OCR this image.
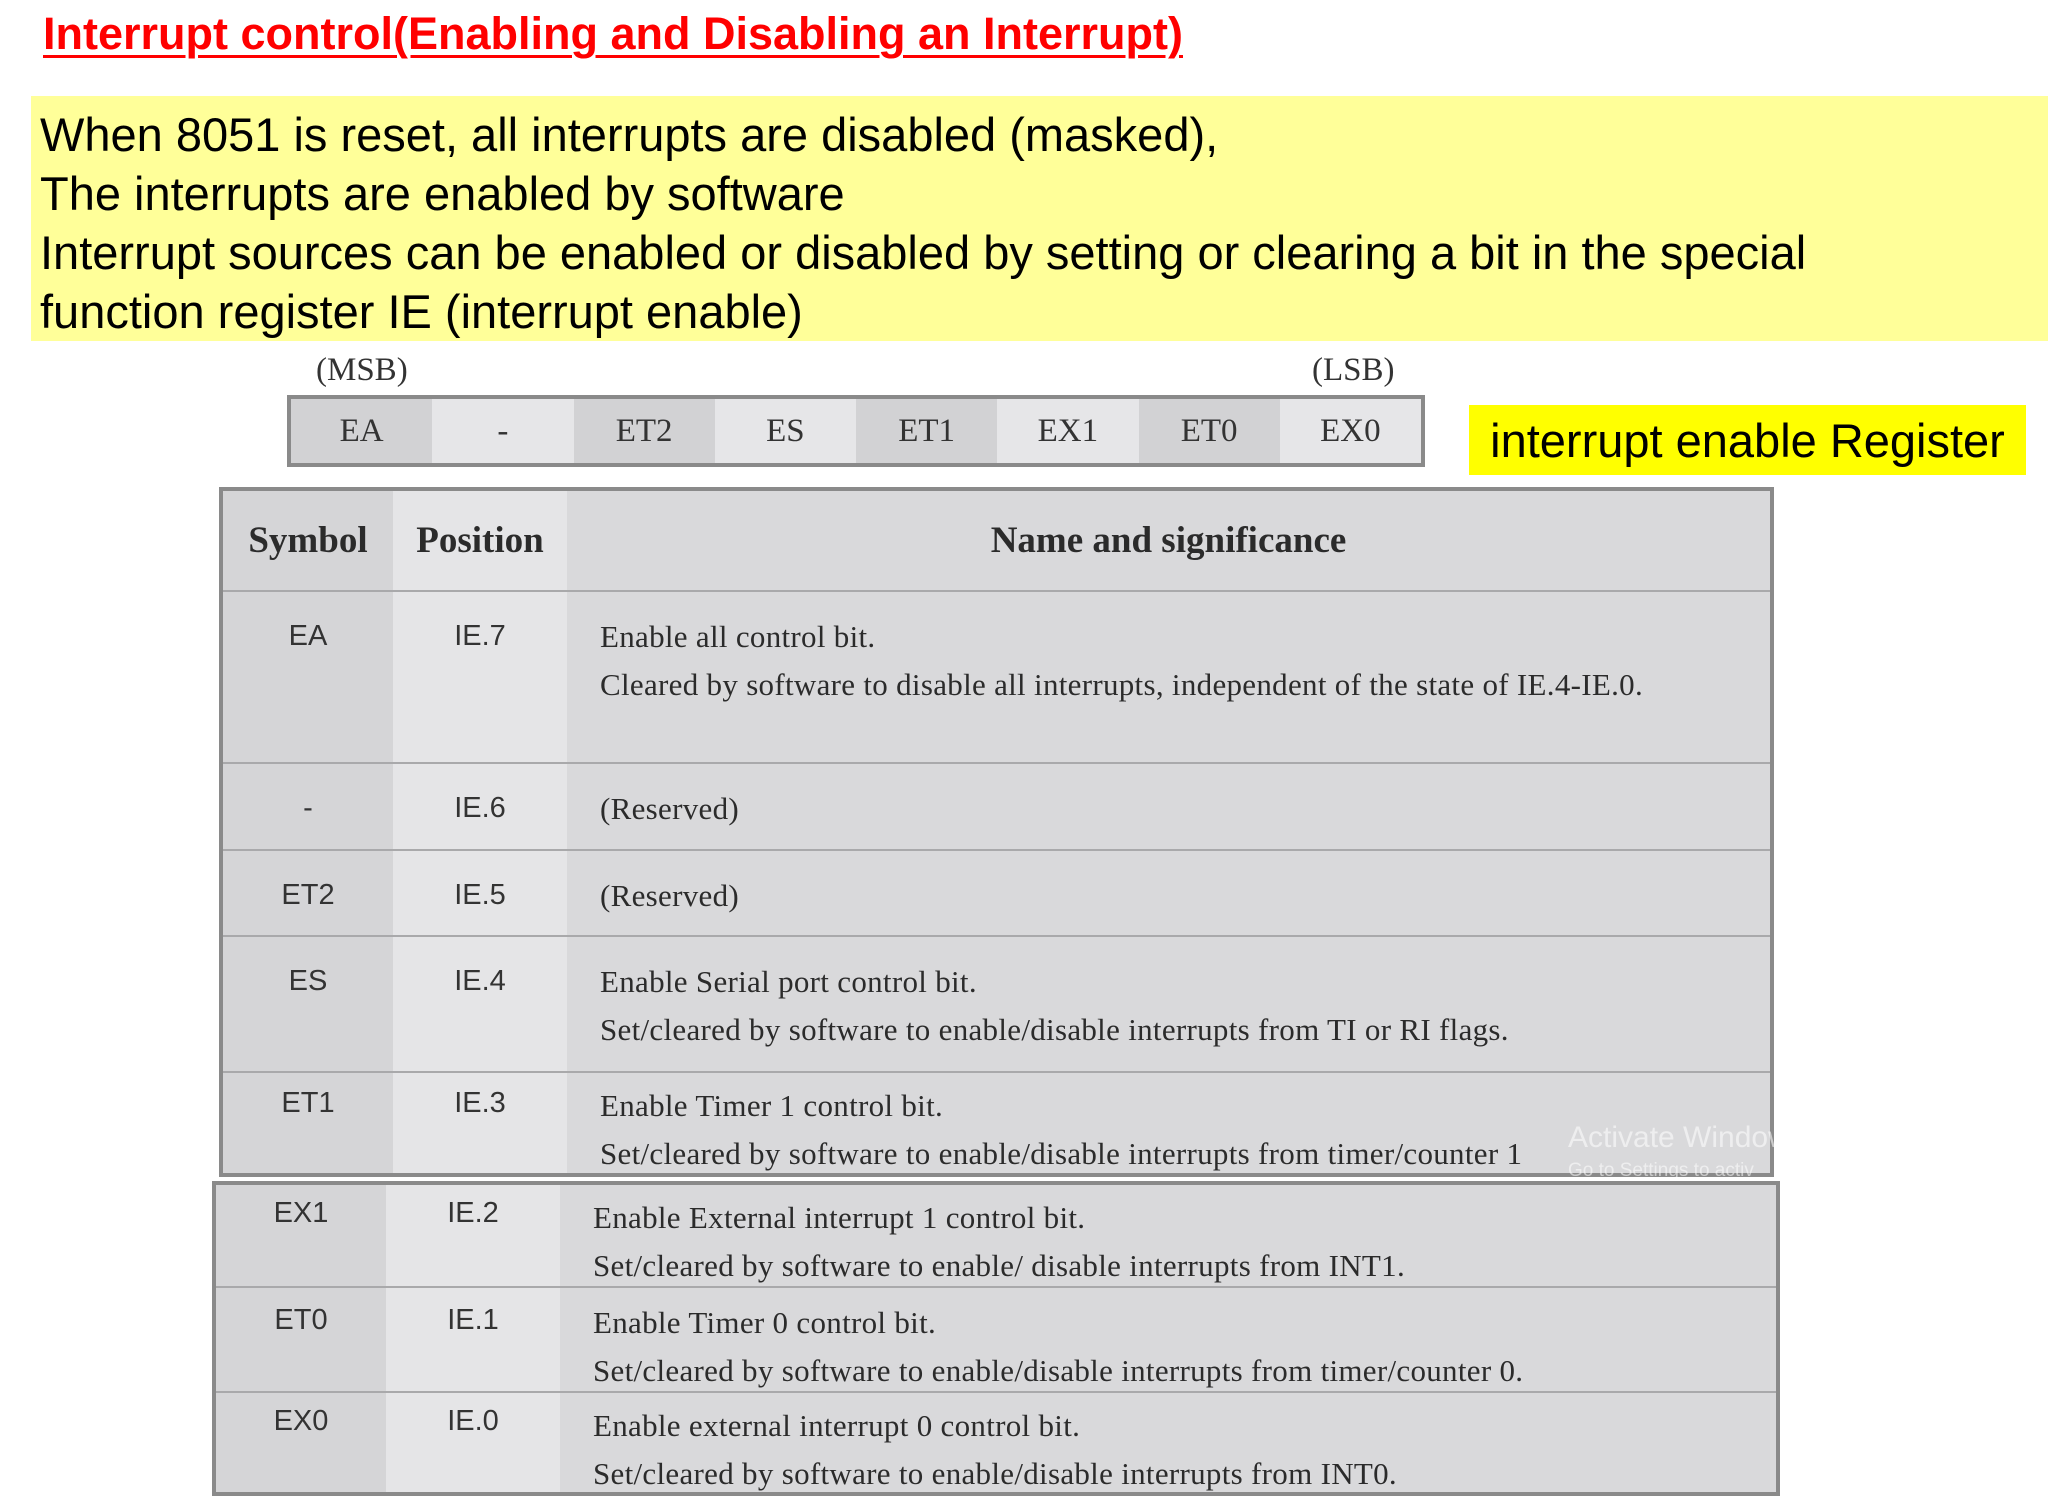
Interrupt control(Enabling and Disabling an Interrupt)
When 8051 is reset, all interrupts are disabled (masked),
The interrupts are enabled by software
Interrupt sources can be enabled or disabled by setting or clearing a bit in the special
function register IE (interrupt enable)
(MSB)	(LSB)
EA	-	ET2	ES	ET1	EX1	ET0	EX0	interrupt enable Register
Symbol	Position	Name and significance
EA	IE.7	Enable all control bit.
Cleared by software to disable all interrupts, independent of the state of IE.4-IE.0.
-	IE.6	(Reserved)
ET2	IE.5	(Reserved)
ES	IE.4	Enable Serial port control bit.
Set/cleared by software to enable/disable interrupts from TI or RI flags.
ET1	IE.3	Enable Timer 1 control bit.
Set/cleared by software to enable/disable interrupts from timer/counter 1
EX1	IE.2	Enable External interrupt 1 control bit.
Set/cleared by software to enable/ disable interrupts from INT1.
ET0	IE.1	Enable Timer 0 control bit.
Set/cleared by software to enable/disable interrupts from timer/counter 0.
EX0	IE.0	Enable external interrupt 0 control bit.
Set/cleared by software to enable/disable interrupts from INT0.
Activate Window
Go to Settings to activ
